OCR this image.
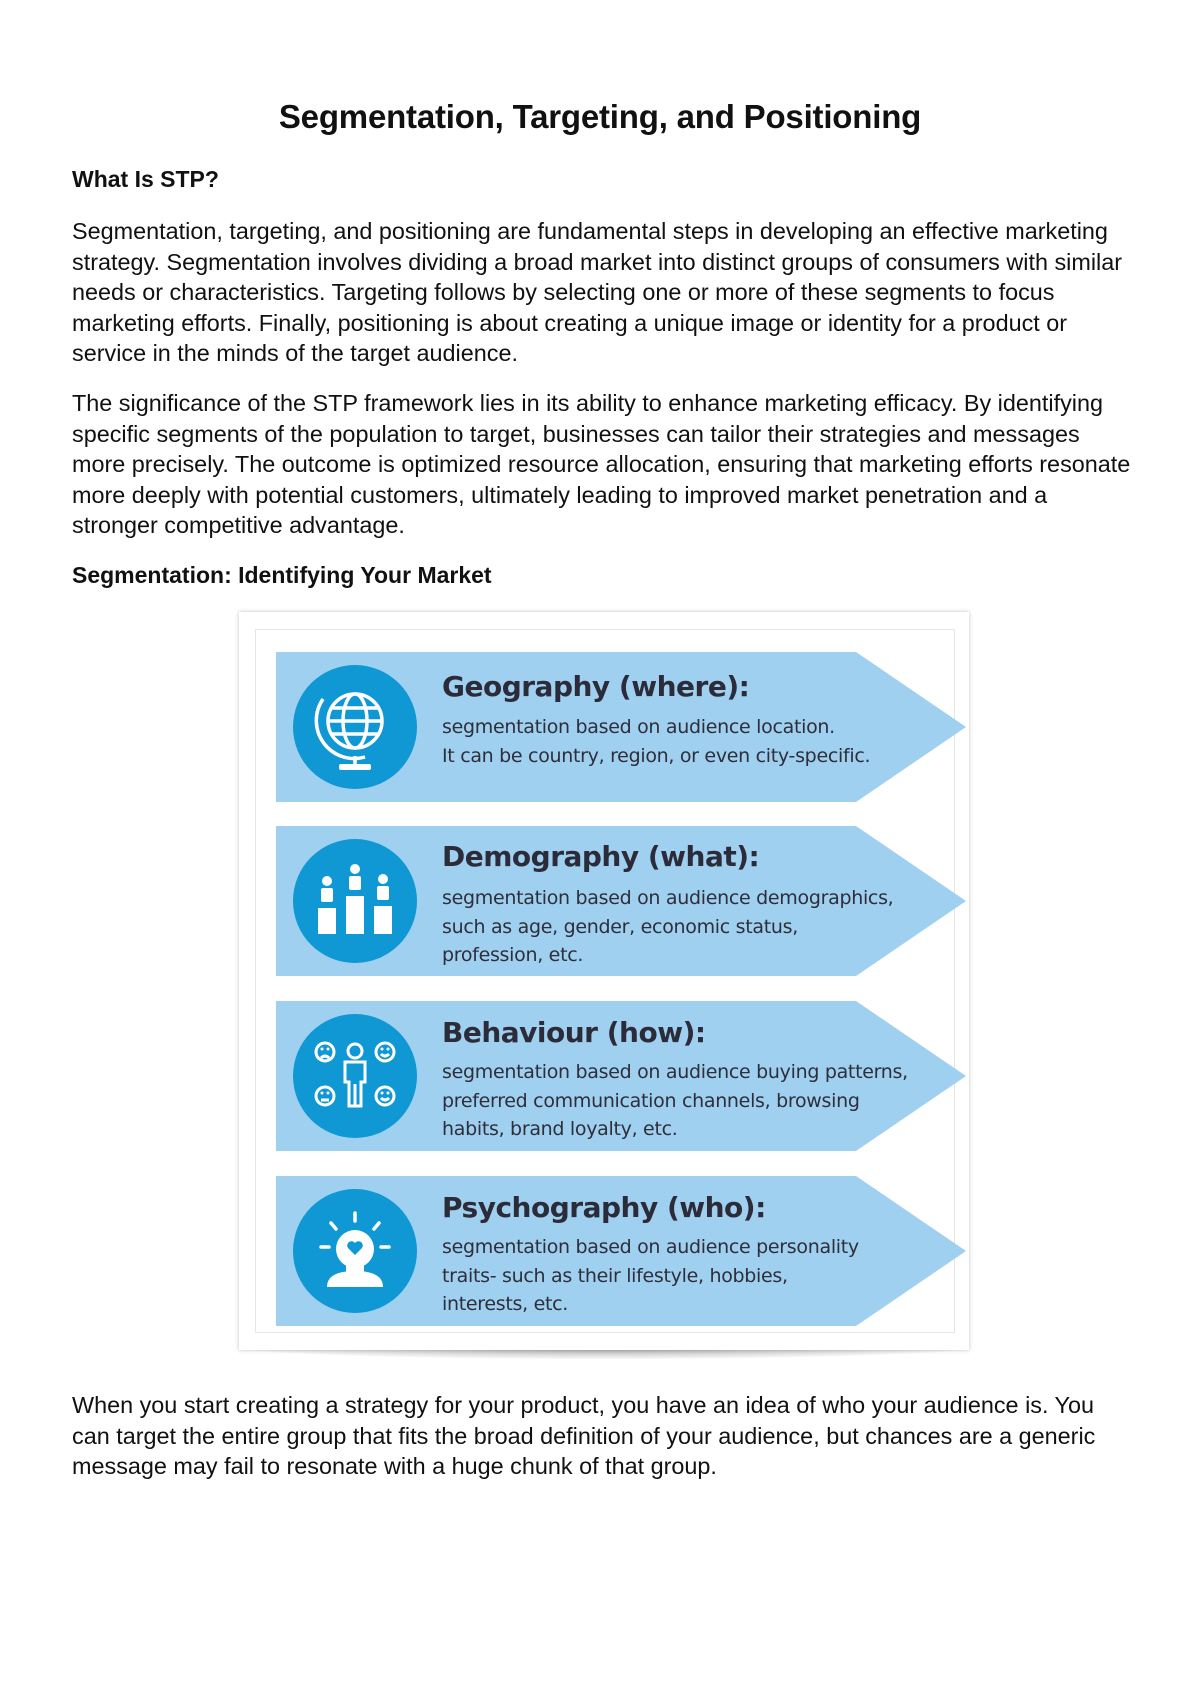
Segmentation, Targeting, and Positioning
What Is STP?

Segmentation, targeting, and positioning are fundamental steps in developing an effective marketing strategy. Segmentation involves dividing a broad market into distinct groups of consumers with similar needs or characteristics. Targeting follows by selecting one or more of these segments to focus marketing efforts. Finally, positioning is about creating a unique image or identity for a product or service in the minds of the target audience.

The significance of the STP framework lies in its ability to enhance marketing efficacy. By identifying specific segments of the population to target, businesses can tailor their strategies and messages more precisely. The outcome is optimized resource allocation, ensuring that marketing efforts resonate more deeply with potential customers, ultimately leading to improved market penetration and a stronger competitive advantage.

Segmentation: Identifying Your Market

Geography (where):

segmentation based on audience location.
It can be country, region, or even city-specific.

Demography (what):

segmentation based on audience demographics,
such as age, gender, economic status,
profession, etc.

Behaviour (how):

segmentation based on audience buying patterns,
preferred communication channels, browsing
habits, brand loyalty, etc.

Psychography (who):

segmentation based on audience personality
traits- such as their lifestyle, hobbies,
interests, etc.

When you start creating a strategy for your product, you have an idea of who your audience is. You can target the entire group that fits the broad definition of your audience, but chances are a generic message may fail to resonate with a huge chunk of that group.
